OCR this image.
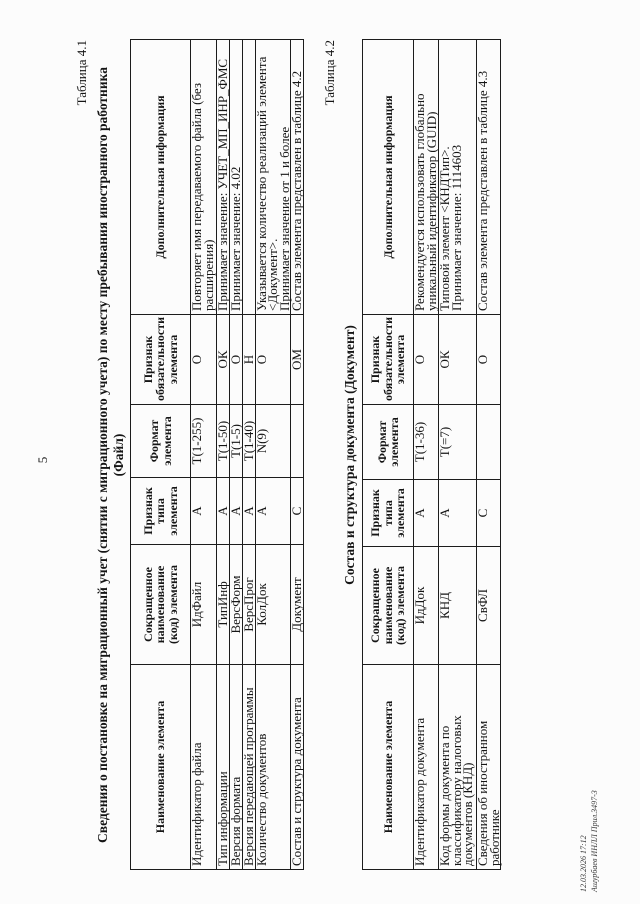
5
Таблица 4.1 Сведения о постановке на миграционный учет (снятии с миграционного учета) по месту пребывания иностранного работника (Файл)
Наименование элемента	Сокращенное наименование (код) элемента	Признак типа элемента	Формат элемента	Признак обязательности элемента	Дополнительная информация
Идентификатор файла	ИдФайл	А	Т(1-255)	О	Повторяет имя передаваемого файла (без расширения)

Тип информации	ТипИнф	А	Т(1-50)	ОК	Принимает значение: УЧЕТ_МП_ИНР_ФМС

Версия формата	ВерсФорм	А	Т(1-5)	О	Принимает значение: 4.02

Версия передающей программы	ВерсПрог	А	Т(1-40)	Н	
Количество документов	КолДок	А	N(9)	О	Указывается количество реализаций элемента <Документ>.
Принимает значение от 1 и более

Состав и структура документа	Документ	С		ОМ	Состав элемента представлен в таблице 4.2 Таблица 4.2
Состав и структура документа (Документ)
Наименование элемента	Сокращенное наименование (код) элемента	Признак типа элемента	Формат элемента	Признак обязательности элемента	Дополнительная информация
Идентификатор документа	ИдДок	А	Т(1-36)	О	Рекомендуется использовать глобально уникальный идентификатор (GUID)

Код формы документа по классификатору налоговых документов (КНД)	КНД	А	Т(=7)	ОК	Типовой элемент <КНДТип>.
Принимает значение: 1114603

Сведения об иностранном работнике	СвФЛ	С		О	Состав элемента представлен в таблице 4.3
12.03.2026 17:12 Ашурбаев ИНЛЛ Прил.3497-3
